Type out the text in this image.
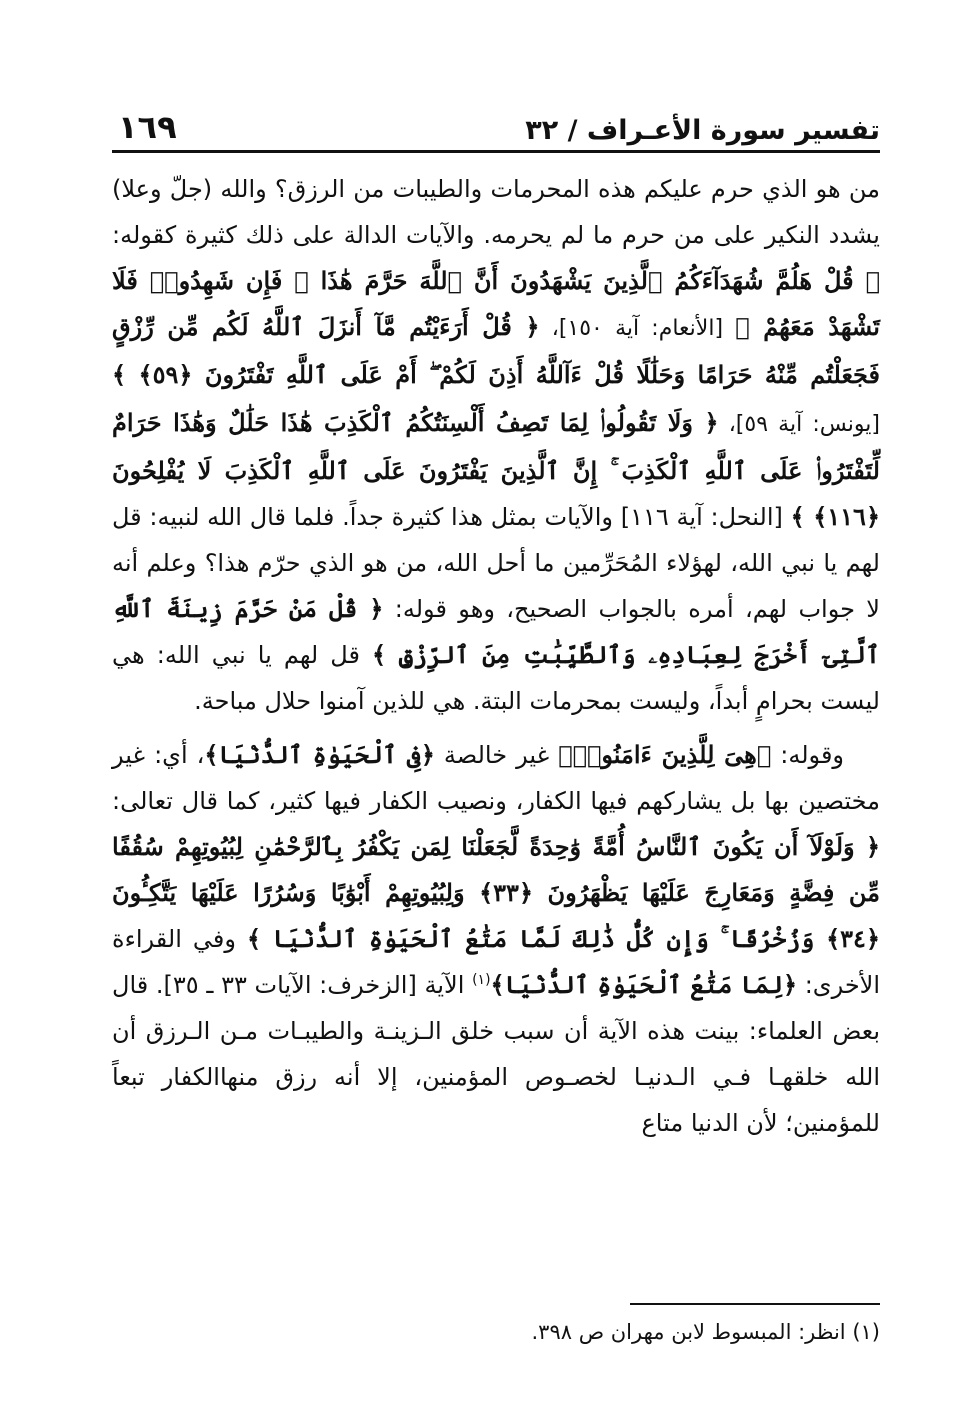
تفسير سورة الأعـراف / ٣٢
١٦٩

من هو الذي حرم عليكم هذه المحرمات والطيبات من الرزق؟ والله (جلّ وعلا) يشدد النكير على من حرم ما لم يحرمه. والآيات الدالة على ذلك كثيرة كقوله: ﴿ قُلْ هَلُمَّ شُهَدَآءَكُمُ ٱلَّذِينَ يَشْهَدُونَ أَنَّ ٱللَّهَ حَرَّمَ هَٰذَا ۖ فَإِن شَهِدُوا۟ فَلَا تَشْهَدْ مَعَهُمْ ﴾ [الأنعام: آية ١٥٠]، ﴿ قُلْ أَرَءَيْتُم مَّآ أَنزَلَ ٱللَّهُ لَكُم مِّن رِّزْقٍ فَجَعَلْتُم مِّنْهُ حَرَامًا وَحَلَٰلًا قُلْ ءَآللَّهُ أَذِنَ لَكُمْ ۖ أَمْ عَلَى ٱللَّهِ تَفْتَرُونَ ﴿٥٩﴾ ﴾ [يونس: آية ٥٩]، ﴿ وَلَا تَقُولُوا۟ لِمَا تَصِفُ أَلْسِنَتُكُمُ ٱلْكَذِبَ هَٰذَا حَلَٰلٌ وَهَٰذَا حَرَامٌ لِّتَفْتَرُوا۟ عَلَى ٱللَّهِ ٱلْكَذِبَ ۚ إِنَّ ٱلَّذِينَ يَفْتَرُونَ عَلَى ٱللَّهِ ٱلْكَذِبَ لَا يُفْلِحُونَ ﴿١١٦﴾ ﴾ [النحل: آية ١١٦] والآيات بمثل هذا كثيرة جداً. فلما قال الله لنبيه: قل لهم يا نبي الله، لهؤلاء المُحَرِّمين ما أحل الله، من هو الذي حرّم هذا؟ وعلم أنه لا جواب لهم، أمره بالجواب الصحيح، وهو قوله: ﴿ قُلْ مَنْ حَرَّمَ زِينَةَ ٱللَّهِ ٱلَّتِىٓ أَخْرَجَ لِعِبَادِهِۦ وَٱلطَّيِّبَٰتِ مِنَ ٱلرِّزْقِ ﴾ قل لهم يا نبي الله: هي ليست بحرامٍ أبداً، وليست بمحرمات البتة. هي للذين آمنوا حلال مباحة.

وقوله: ﴿هِىَ لِلَّذِينَ ءَامَنُوا۟﴾ غير خالصة ﴿فِى ٱلْحَيَوٰةِ ٱلدُّنْيَا﴾، أي: غير مختصين بها بل يشاركهم فيها الكفار، ونصيب الكفار فيها كثير، كما قال تعالى: ﴿ وَلَوْلَآ أَن يَكُونَ ٱلنَّاسُ أُمَّةً وَٰحِدَةً لَّجَعَلْنَا لِمَن يَكْفُرُ بِٱلرَّحْمَٰنِ لِبُيُوتِهِمْ سُقُفًا مِّن فِضَّةٍ وَمَعَارِجَ عَلَيْهَا يَظْهَرُونَ ﴿٣٣﴾ وَلِبُيُوتِهِمْ أَبْوَٰبًا وَسُرُرًا عَلَيْهَا يَتَّكِـُٔونَ ﴿٣٤﴾ وَزُخْرُفًا ۚ وَإِن كُلُّ ذَٰلِكَ لَمَّا مَتَٰعُ ٱلْحَيَوٰةِ ٱلدُّنْيَا ﴾ وفي القراءة الأخرى: ﴿لِمَا مَتَٰعُ ٱلْحَيَوٰةِ ٱلدُّنْيَا﴾$^{(١)}$ الآية [الزخرف: الآيات ٣٣ ـ ٣٥]. قال بعض العلماء: بينت هذه الآية أن سبب خلق الـزينـة والطيبـات مـن الـرزق أن الله خلقهـا فـي الـدنيـا لخصـوص المؤمنين، إلا أنه رزق منهاالكفار تبعاً للمؤمنين؛ لأن الدنيا متاع

(١) انظر: المبسوط لابن مهران ص ٣٩٨.
